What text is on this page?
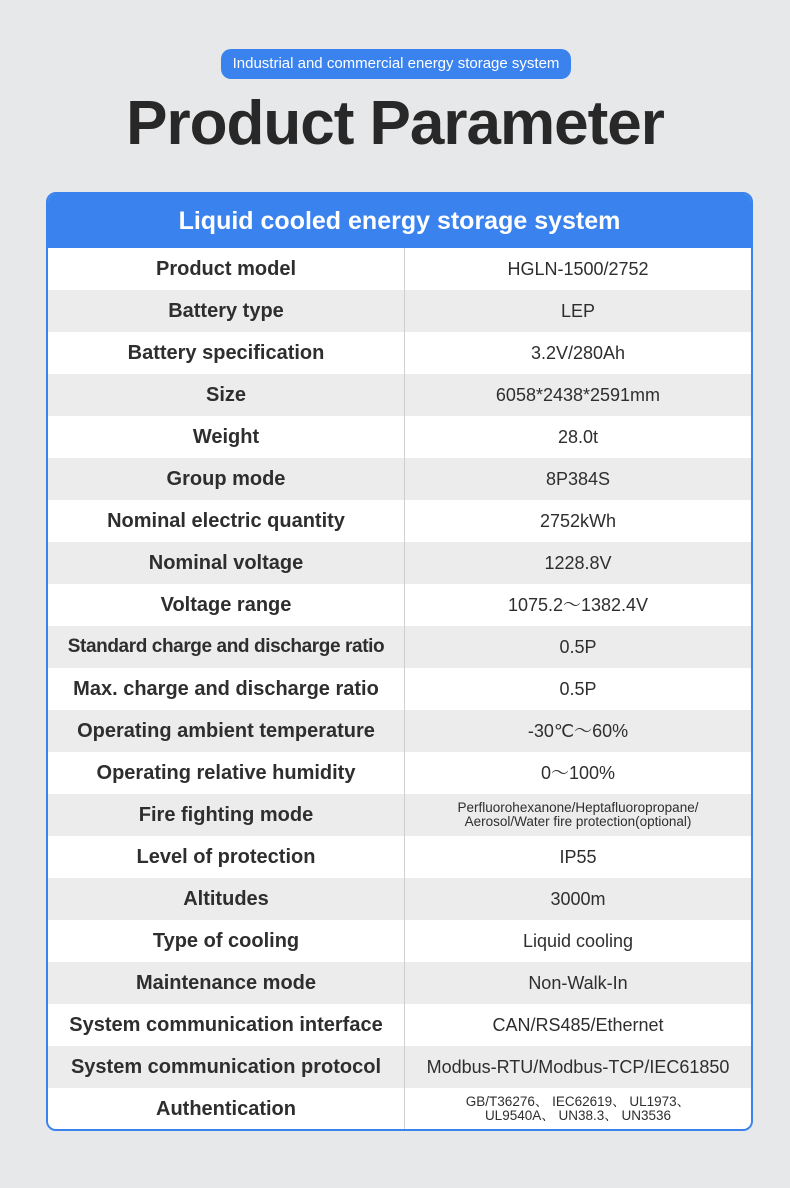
Industrial and commercial energy storage system
Product Parameter
Liquid cooled energy storage system
Product model	HGLN-1500/2752
Battery type	LEP
Battery specification	3.2V/280Ah
Size	6058*2438*2591mm
Weight	28.0t
Group mode	8P384S
Nominal electric quantity	2752kWh
Nominal voltage	1228.8V
Voltage range	1075.2～1382.4V
Standard charge and discharge ratio	0.5P
Max. charge and discharge ratio	0.5P
Operating ambient temperature	-30℃～60%
Operating relative humidity	0～100%
Fire fighting mode	Perfluorohexanone/Heptafluoropropane/
Aerosol/Water fire protection(optional)
Level of protection	IP55
Altitudes	3000m
Type of cooling	Liquid cooling
Maintenance mode	Non-Walk-In
System communication interface	CAN/RS485/Ethernet
System communication protocol	Modbus-RTU/Modbus-TCP/IEC61850
Authentication	GB/T36276、 IEC62619、 UL1973、
UL9540A、 UN38.3、 UN3536
